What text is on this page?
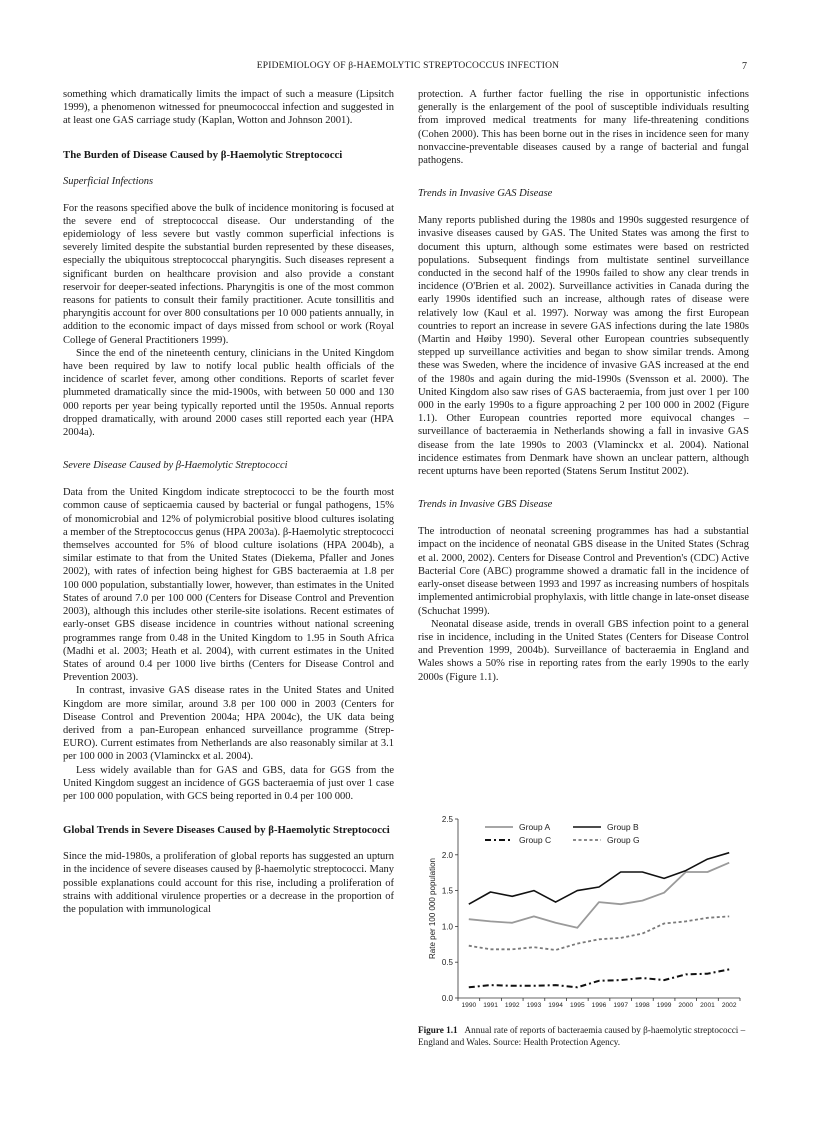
EPIDEMIOLOGY OF β-HAEMOLYTIC STREPTOCOCCUS INFECTION	7

something which dramatically limits the impact of such a measure (Lipsitch 1999), a phenomenon witnessed for pneumococcal infection and suggested in at least one GAS carriage study (Kaplan, Wotton and Johnson 2001).

The Burden of Disease Caused by β-Haemolytic Streptococci
Superficial Infections

For the reasons specified above the bulk of incidence monitoring is focused at the severe end of streptococcal disease. Our understanding of the epidemiology of less severe but vastly common superficial infections is severely limited despite the substantial burden represented by these diseases, especially the ubiquitous streptococcal pharyngitis. Such diseases represent a significant burden on healthcare provision and also provide a constant reservoir for deeper-seated infections. Pharyngitis is one of the most common reasons for patients to consult their family practitioner. Acute tonsillitis and pharyngitis account for over 800 consultations per 10 000 patients annually, in addition to the economic impact of days missed from school or work (Royal College of General Practitioners 1999).

Since the end of the nineteenth century, clinicians in the United Kingdom have been required by law to notify local public health officials of the incidence of scarlet fever, among other conditions. Reports of scarlet fever plummeted dramatically since the mid-1900s, with between 50 000 and 130 000 reports per year being typically reported until the 1950s. Annual reports dropped dramatically, with around 2000 cases still reported each year (HPA 2004a).

Severe Disease Caused by β-Haemolytic Streptococci

Data from the United Kingdom indicate streptococci to be the fourth most common cause of septicaemia caused by bacterial or fungal pathogens, 15% of monomicrobial and 12% of polymicrobial positive blood cultures isolating a member of the Streptococcus genus (HPA 2003a). β-Haemolytic streptococci themselves accounted for 5% of blood culture isolations (HPA 2004b), a similar estimate to that from the United States (Diekema, Pfaller and Jones 2002), with rates of infection being highest for GBS bacteraemia at 1.8 per 100 000 population, substantially lower, however, than estimates in the United States of around 7.0 per 100 000 (Centers for Disease Control and Prevention 2003), although this includes other sterile-site isolations. Recent estimates of early-onset GBS disease incidence in countries without national screening programmes range from 0.48 in the United Kingdom to 1.95 in South Africa (Madhi et al. 2003; Heath et al. 2004), with current estimates in the United States of around 0.4 per 1000 live births (Centers for Disease Control and Prevention 2003).

In contrast, invasive GAS disease rates in the United States and United Kingdom are more similar, around 3.8 per 100 000 in 2003 (Centers for Disease Control and Prevention 2004a; HPA 2004c), the UK data being derived from a pan-European enhanced surveillance programme (Strep-EURO). Current estimates from Netherlands are also reasonably similar at 3.1 per 100 000 in 2003 (Vlaminckx et al. 2004).

Less widely available than for GAS and GBS, data for GGS from the United Kingdom suggest an incidence of GGS bacteraemia of just over 1 case per 100 000 population, with GCS being reported in 0.4 per 100 000.

Global Trends in Severe Diseases Caused by β-Haemolytic Streptococci

Since the mid-1980s, a proliferation of global reports has suggested an upturn in the incidence of severe diseases caused by β-haemolytic streptococci. Many possible explanations could account for this rise, including a proliferation of strains with additional virulence properties or a decrease in the proportion of the population with immunological

protection. A further factor fuelling the rise in opportunistic infections generally is the enlargement of the pool of susceptible individuals resulting from improved medical treatments for many life-threatening conditions (Cohen 2000). This has been borne out in the rises in incidence seen for many nonvaccine-preventable diseases caused by a range of bacterial and fungal pathogens.

Trends in Invasive GAS Disease

Many reports published during the 1980s and 1990s suggested resurgence of invasive diseases caused by GAS. The United States was among the first to document this upturn, although some estimates were based on restricted populations. Subsequent findings from multistate sentinel surveillance conducted in the second half of the 1990s failed to show any clear trends in incidence (O'Brien et al. 2002). Surveillance activities in Canada during the early 1990s identified such an increase, although rates of disease were relatively low (Kaul et al. 1997). Norway was among the first European countries to report an increase in severe GAS infections during the late 1980s (Martin and Høiby 1990). Several other European countries subsequently stepped up surveillance activities and began to show similar trends. Among these was Sweden, where the incidence of invasive GAS increased at the end of the 1980s and again during the mid-1990s (Svensson et al. 2000). The United Kingdom also saw rises of GAS bacteraemia, from just over 1 per 100 000 in the early 1990s to a figure approaching 2 per 100 000 in 2002 (Figure 1.1). Other European countries reported more equivocal changes – surveillance of bacteraemia in Netherlands showing a fall in invasive GAS disease from the late 1990s to 2003 (Vlaminckx et al. 2004). National incidence estimates from Denmark have shown an unclear pattern, although recent upturns have been reported (Statens Serum Institut 2002).

Trends in Invasive GBS Disease

The introduction of neonatal screening programmes has had a substantial impact on the incidence of neonatal GBS disease in the United States (Schrag et al. 2000, 2002). Centers for Disease Control and Prevention's (CDC) Active Bacterial Core (ABC) programme showed a dramatic fall in the incidence of early-onset disease between 1993 and 1997 as increasing numbers of hospitals implemented antimicrobial prophylaxis, with little change in late-onset disease (Schuchat 1999).

Neonatal disease aside, trends in overall GBS infection point to a general rise in incidence, including in the United States (Centers for Disease Control and Prevention 1999, 2004b). Surveillance of bacteraemia in England and Wales shows a 50% rise in reporting rates from the early 1990s to the early 2000s (Figure 1.1).

0.0
0.5
1.0
1.5
2.0
2.5
1990 1991 1992 1993 1994 1995 1996 1997 1998 1999 2000 2001 2002
Rate per 100 000 population
Group A	Group B
Group C	Group G
Figure 1.1 Annual rate of reports of bacteraemia caused by β-haemolytic streptococci – England and Wales. Source: Health Protection Agency.
